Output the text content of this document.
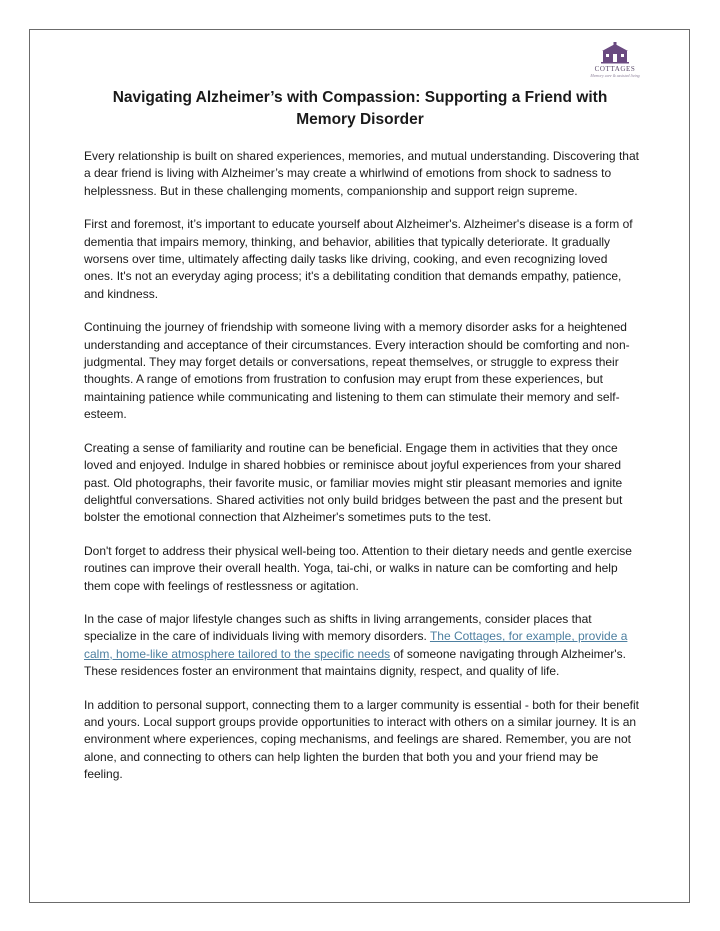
COTTAGES
Memory care & assisted living
Navigating Alzheimer’s with Compassion: Supporting a Friend with Memory Disorder

Every relationship is built on shared experiences, memories, and mutual understanding. Discovering that a dear friend is living with Alzheimer’s may create a whirlwind of emotions from shock to sadness to helplessness. But in these challenging moments, companionship and support reign supreme.

First and foremost, it’s important to educate yourself about Alzheimer's. Alzheimer's disease is a form of dementia that impairs memory, thinking, and behavior, abilities that typically deteriorate. It gradually worsens over time, ultimately affecting daily tasks like driving, cooking, and even recognizing loved ones. It's not an everyday aging process; it's a debilitating condition that demands empathy, patience, and kindness.

Continuing the journey of friendship with someone living with a memory disorder asks for a heightened understanding and acceptance of their circumstances. Every interaction should be comforting and non-judgmental. They may forget details or conversations, repeat themselves, or struggle to express their thoughts. A range of emotions from frustration to confusion may erupt from these experiences, but maintaining patience while communicating and listening to them can stimulate their memory and self-esteem.

Creating a sense of familiarity and routine can be beneficial. Engage them in activities that they once loved and enjoyed. Indulge in shared hobbies or reminisce about joyful experiences from your shared past. Old photographs, their favorite music, or familiar movies might stir pleasant memories and ignite delightful conversations. Shared activities not only build bridges between the past and the present but bolster the emotional connection that Alzheimer's sometimes puts to the test.

Don't forget to address their physical well-being too. Attention to their dietary needs and gentle exercise routines can improve their overall health. Yoga, tai-chi, or walks in nature can be comforting and help them cope with feelings of restlessness or agitation.

In the case of major lifestyle changes such as shifts in living arrangements, consider places that specialize in the care of individuals living with memory disorders. The Cottages, for example, provide a calm, home-like atmosphere tailored to the specific needs of someone navigating through Alzheimer's. These residences foster an environment that maintains dignity, respect, and quality of life.

In addition to personal support, connecting them to a larger community is essential - both for their benefit and yours. Local support groups provide opportunities to interact with others on a similar journey. It is an environment where experiences, coping mechanisms, and feelings are shared. Remember, you are not alone, and connecting to others can help lighten the burden that both you and your friend may be feeling.
